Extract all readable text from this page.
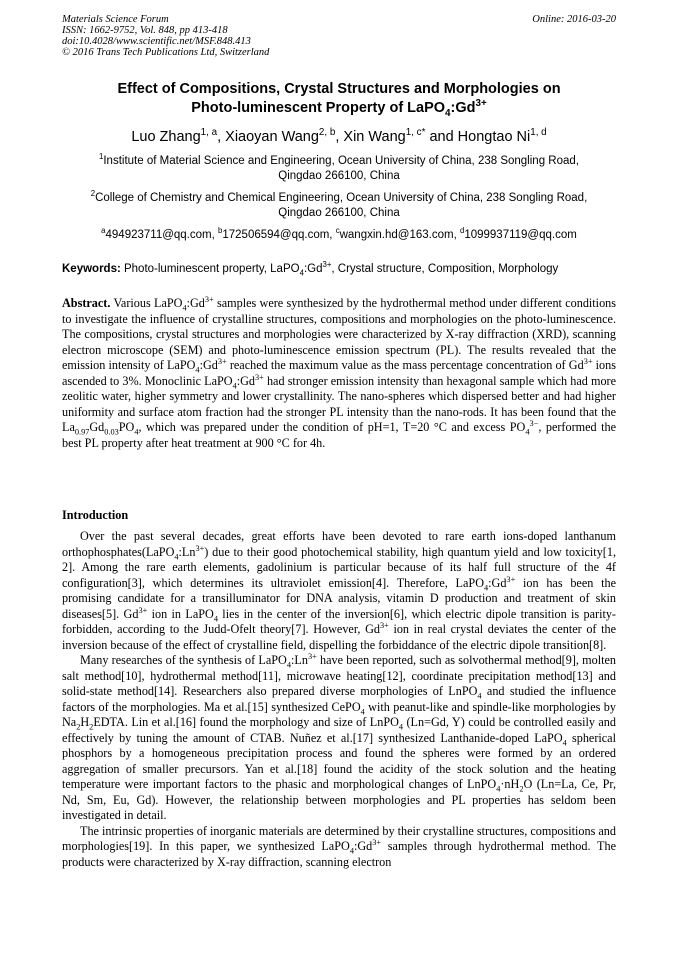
Materials Science Forum
ISSN: 1662-9752, Vol. 848, pp 413-418
doi:10.4028/www.scientific.net/MSF.848.413
© 2016 Trans Tech Publications Ltd, Switzerland
Online: 2016-03-20
Effect of Compositions, Crystal Structures and Morphologies on
Photo-luminescent Property of $LaPO_4:Gd^{3+}$
Luo Zhang$^{1, a}$, Xiaoyan Wang$^{2, b}$, Xin Wang$^{1, c*}$ and Hongtao Ni$^{1, d}$
$^1$Institute of Material Science and Engineering, Ocean University of China, 238 Songling Road,
Qingdao 266100, China
$^2$College of Chemistry and Chemical Engineering, Ocean University of China, 238 Songling Road,
Qingdao 266100, China
$^a$494923711@qq.com, $^b$172506594@qq.com, $^c$wangxin.hd@163.com, $^d$1099937119@qq.com
Keywords: Photo-luminescent property, $LaPO_4:Gd^{3+}$, Crystal structure, Composition, Morphology
Abstract. Various $LaPO_4:Gd^{3+}$ samples were synthesized by the hydrothermal method under different conditions to investigate the influence of crystalline structures, compositions and morphologies on the photo-luminescence. The compositions, crystal structures and morphologies were characterized by X-ray diffraction (XRD), scanning electron microscope (SEM) and photo-luminescence emission spectrum (PL). The results revealed that the emission intensity of $LaPO_4:Gd^{3+}$ reached the maximum value as the mass percentage concentration of $Gd^{3+}$ ions ascended to 3%. Monoclinic $LaPO_4:Gd^{3+}$ had stronger emission intensity than hexagonal sample which had more zeolitic water, higher symmetry and lower crystallinity. The nano-spheres which dispersed better and had higher uniformity and surface atom fraction had the stronger PL intensity than the nano-rods. It has been found that the $La_{0.97}Gd_{0.03}PO_4$, which was prepared under the condition of pH=1, T=20 °C and excess $PO_4^{3-}$, performed the best PL property after heat treatment at 900 °C for 4h.
Introduction

Over the past several decades, great efforts have been devoted to rare earth ions-doped lanthanum $orthophosphates(LaPO_4:Ln^{3+})$ due to their good photochemical stability, high quantum yield and low toxicity[1, 2]. Among the rare earth elements, gadolinium is particular because of its half full structure of the 4f configuration[3], which determines its ultraviolet emission[4]. Therefore, $LaPO_4:Gd^{3+}$ ion has been the promising candidate for a transilluminator for DNA analysis, vitamin D production and treatment of skin diseases[5]. $Gd^{3+}$ ion in LaPO$_4$ lies in the center of the inversion[6], which electric dipole transition is parity-forbidden, according to the Judd-Ofelt theory[7]. However, $Gd^{3+}$ ion in real crystal deviates the center of the inversion because of the effect of crystalline field, dispelling the forbiddance of the electric dipole transition[8].

Many researches of the synthesis of $LaPO_4:Ln^{3+}$ have been reported, such as solvothermal method[9], molten salt method[10], hydrothermal method[11], microwave heating[12], coordinate precipitation method[13] and solid-state method[14]. Researchers also prepared diverse morphologies of LnPO$_4$ and studied the influence factors of the morphologies. Ma et al.[15] synthesized CePO$_4$ with peanut-like and spindle-like morphologies by $Na_2H_2EDTA$. Lin et al.[16] found the morphology and size of LnPO$_4$ (Ln=Gd, Y) could be controlled easily and effectively by tuning the amount of CTAB. Nuñez et al.[17] synthesized Lanthanide-doped LaPO$_4$ spherical phosphors by a homogeneous precipitation process and found the spheres were formed by an ordered aggregation of smaller precursors. Yan et al.[18] found the acidity of the stock solution and the heating temperature were important factors to the phasic and morphological changes of $LnPO_4\cdot nH_2O$ (Ln=La, Ce, Pr, Nd, Sm, Eu, Gd). However, the relationship between morphologies and PL properties has seldom been investigated in detail.

The intrinsic properties of inorganic materials are determined by their crystalline structures, compositions and morphologies[19]. In this paper, we synthesized $LaPO_4:Gd^{3+}$ samples through hydrothermal method. The products were characterized by X-ray diffraction, scanning electron
